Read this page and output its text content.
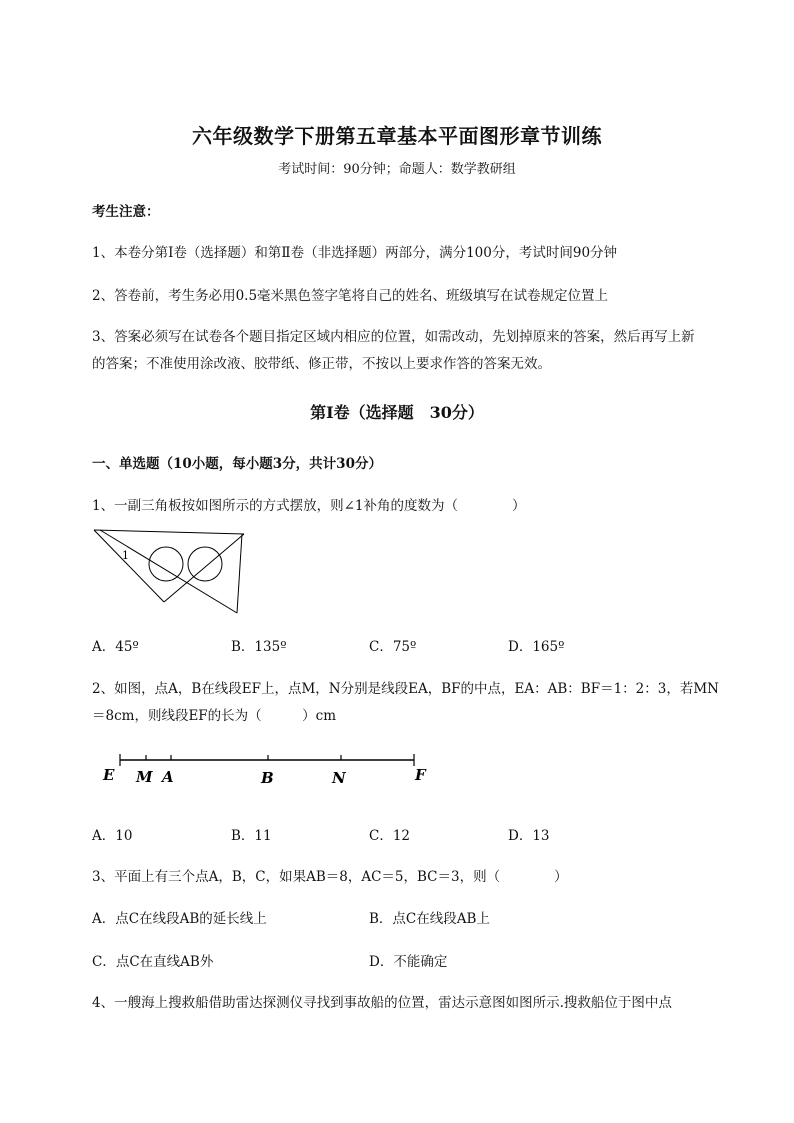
六年级数学下册第五章基本平面图形章节训练
考试时间：90分钟；命题人：数学教研组
考生注意：
1、本卷分第Ⅰ卷（选择题）和第Ⅱ卷（非选择题）两部分，满分100分，考试时间90分钟
2、答卷前，考生务必用0.5毫米黑色签字笔将自己的姓名、班级填写在试卷规定位置上
3、答案必须写在试卷各个题目指定区域内相应的位置，如需改动，先划掉原来的答案，然后再写上新
的答案；不准使用涂改液、胶带纸、修正带，不按以上要求作答的答案无效。
第Ⅰ卷（选择题　30分）
一、单选题（10小题，每小题3分，共计30分）
1、一副三角板按如图所示的方式摆放，则∠1补角的度数为（　　　　）
1
A．45º	B．135º	C．75º	D．165º
2、如图，点A，B在线段EF上，点M，N分别是线段EA，BF的中点，EA：AB：BF＝1：2：3，若MN
＝8cm，则线段EF的长为（　　　）cm
E M A	B	N	F
A．10	B．11	C．12	D．13
3、平面上有三个点A，B，C，如果AB＝8，AC＝5，BC＝3，则（　　　　）
A．点C在线段AB的延长线上	B．点C在线段AB上
C．点C在直线AB外	D．不能确定
4、一艘海上搜救船借助雷达探测仪寻找到事故船的位置，雷达示意图如图所示.搜救船位于图中点
